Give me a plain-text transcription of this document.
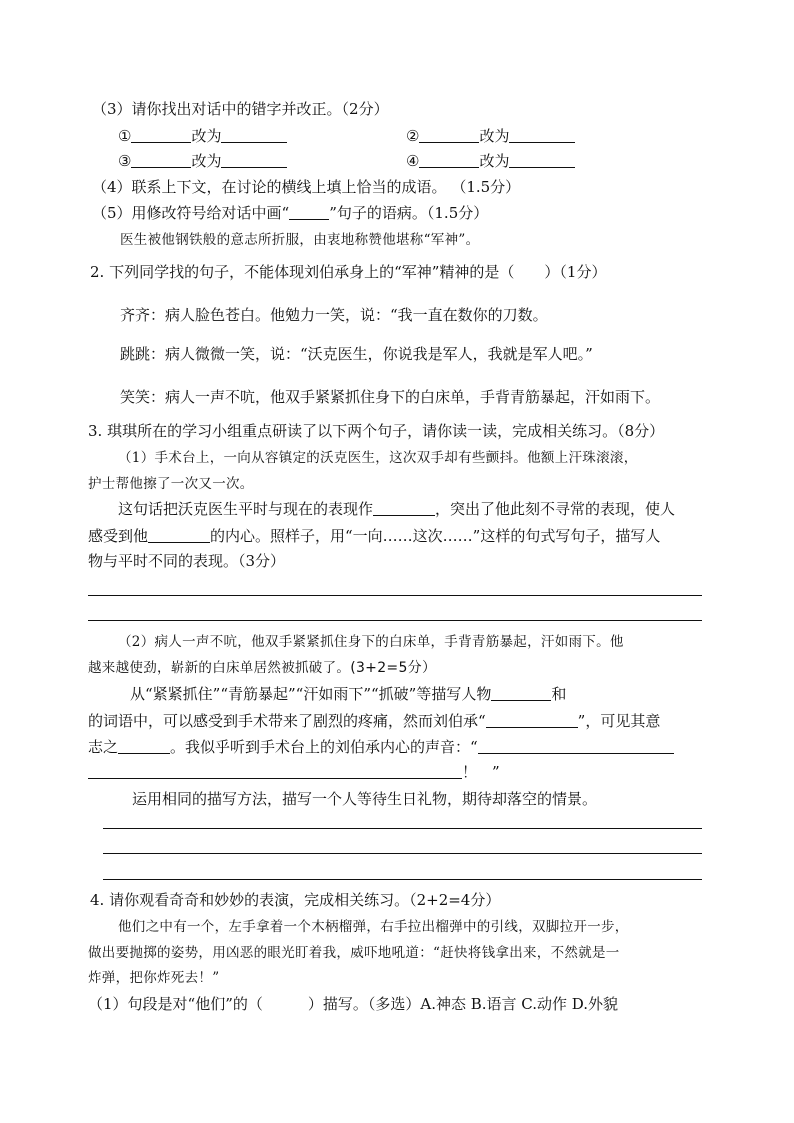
（3）请你找出对话中的错字并改正。（2分）
①	改为	②	改为
③	改为	④	改为
（4）联系上下文，在讨论的横线上填上恰当的成语。 （1.5分）
（5）用修改符号给对话中画“	”句子的语病。（1.5分）
医生被他钢铁般的意志所折服，由衷地称赞他堪称“军神”。
2. 下列同学找的句子，不能体现刘伯承身上的“军神”精神的是（　　）（1分）
齐齐：病人脸色苍白。他勉力一笑，说：“我一直在数你的刀数。
跳跳：病人微微一笑，说：“沃克医生，你说我是军人，我就是军人吧。”
笑笑：病人一声不吭，他双手紧紧抓住身下的白床单，手背青筋暴起，汗如雨下。
3. 琪琪所在的学习小组重点研读了以下两个句子，请你读一读，完成相关练习。（8分）
（1）手术台上，一向从容镇定的沃克医生，这次双手却有些颤抖。他额上汗珠滚滚，
护士帮他擦了一次又一次。
这句话把沃克医生平时与现在的表现作	，突出了他此刻不寻常的表现，使人
感受到他	的内心。照样子，用“一向……这次……”这样的句式写句子，描写人
物与平时不同的表现。（3分）
（2）病人一声不吭，他双手紧紧抓住身下的白床单，手背青筋暴起，汗如雨下。他
越来越使劲，崭新的白床单居然被抓破了。(3+2=5分）
从“紧紧抓住”“青筋暴起”“汗如雨下”“抓破”等描写人物	和
的词语中，可以感受到手术带来了剧烈的疼痛，然而刘伯承“	”，可见其意
志之	。我似乎听到手术台上的刘伯承内心的声音：“
！　”
运用相同的描写方法，描写一个人等待生日礼物，期待却落空的情景。
4. 请你观看奇奇和妙妙的表演，完成相关练习。（2+2=4分）
他们之中有一个，左手拿着一个木柄榴弹，右手拉出榴弹中的引线，双脚拉开一步，
做出要抛掷的姿势，用凶恶的眼光盯着我，威吓地吼道：“赶快将钱拿出来，不然就是一
炸弹，把你炸死去！”
（1）句段是对“他们”的（　　　）描写。（多选）A.神态 B.语言 C.动作 D.外貌
